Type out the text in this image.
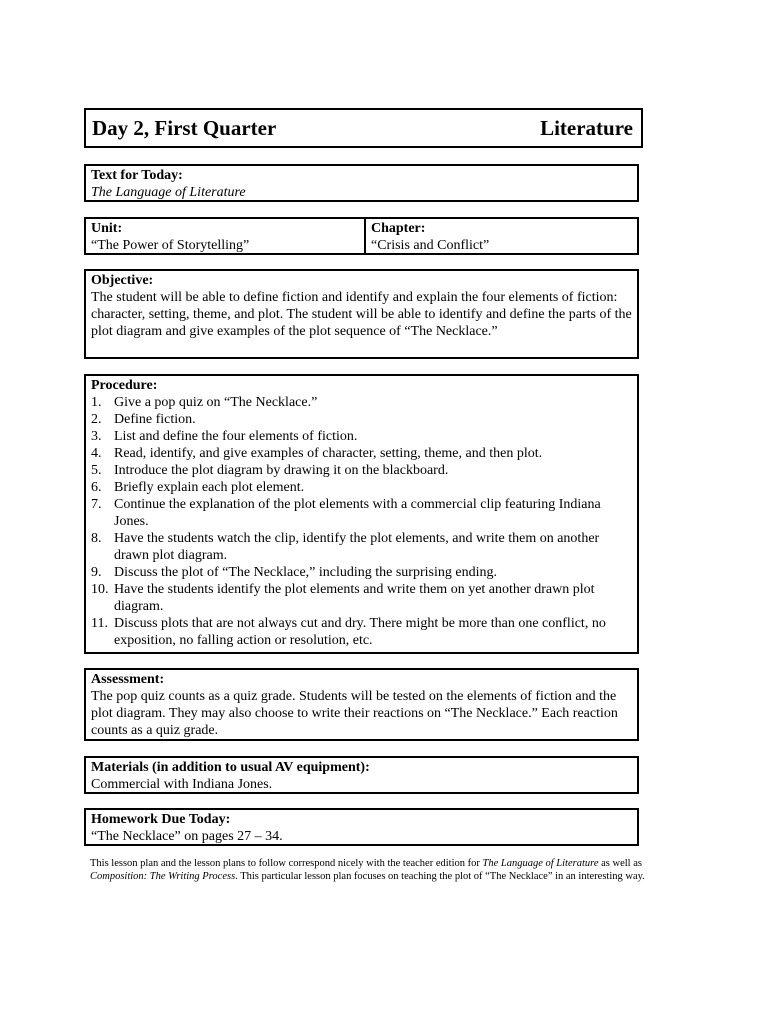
Day 2, First Quarter	Literature
Text for Today:
The Language of Literature
Unit:
“The Power of Storytelling”
Chapter:
“Crisis and Conflict”
Objective:
The student will be able to define fiction and identify and explain the four elements of fiction: character, setting, theme, and plot. The student will be able to identify and define the parts of the plot diagram and give examples of the plot sequence of “The Necklace.”
Procedure:
1. Give a pop quiz on “The Necklace.”
2. Define fiction.
3. List and define the four elements of fiction.
4. Read, identify, and give examples of character, setting, theme, and then plot.
5. Introduce the plot diagram by drawing it on the blackboard.
6. Briefly explain each plot element.
7. Continue the explanation of the plot elements with a commercial clip featuring Indiana Jones.
8. Have the students watch the clip, identify the plot elements, and write them on another drawn plot diagram.
9. Discuss the plot of “The Necklace,” including the surprising ending.
10. Have the students identify the plot elements and write them on yet another drawn plot diagram.
11. Discuss plots that are not always cut and dry. There might be more than one conflict, no exposition, no falling action or resolution, etc.
Assessment:
The pop quiz counts as a quiz grade. Students will be tested on the elements of fiction and the plot diagram. They may also choose to write their reactions on “The Necklace.” Each reaction counts as a quiz grade.
Materials (in addition to usual AV equipment):
Commercial with Indiana Jones.
Homework Due Today:
“The Necklace” on pages 27 – 34.
This lesson plan and the lesson plans to follow correspond nicely with the teacher edition for The Language of Literature as well as Composition: The Writing Process. This particular lesson plan focuses on teaching the plot of “The Necklace” in an interesting way.
